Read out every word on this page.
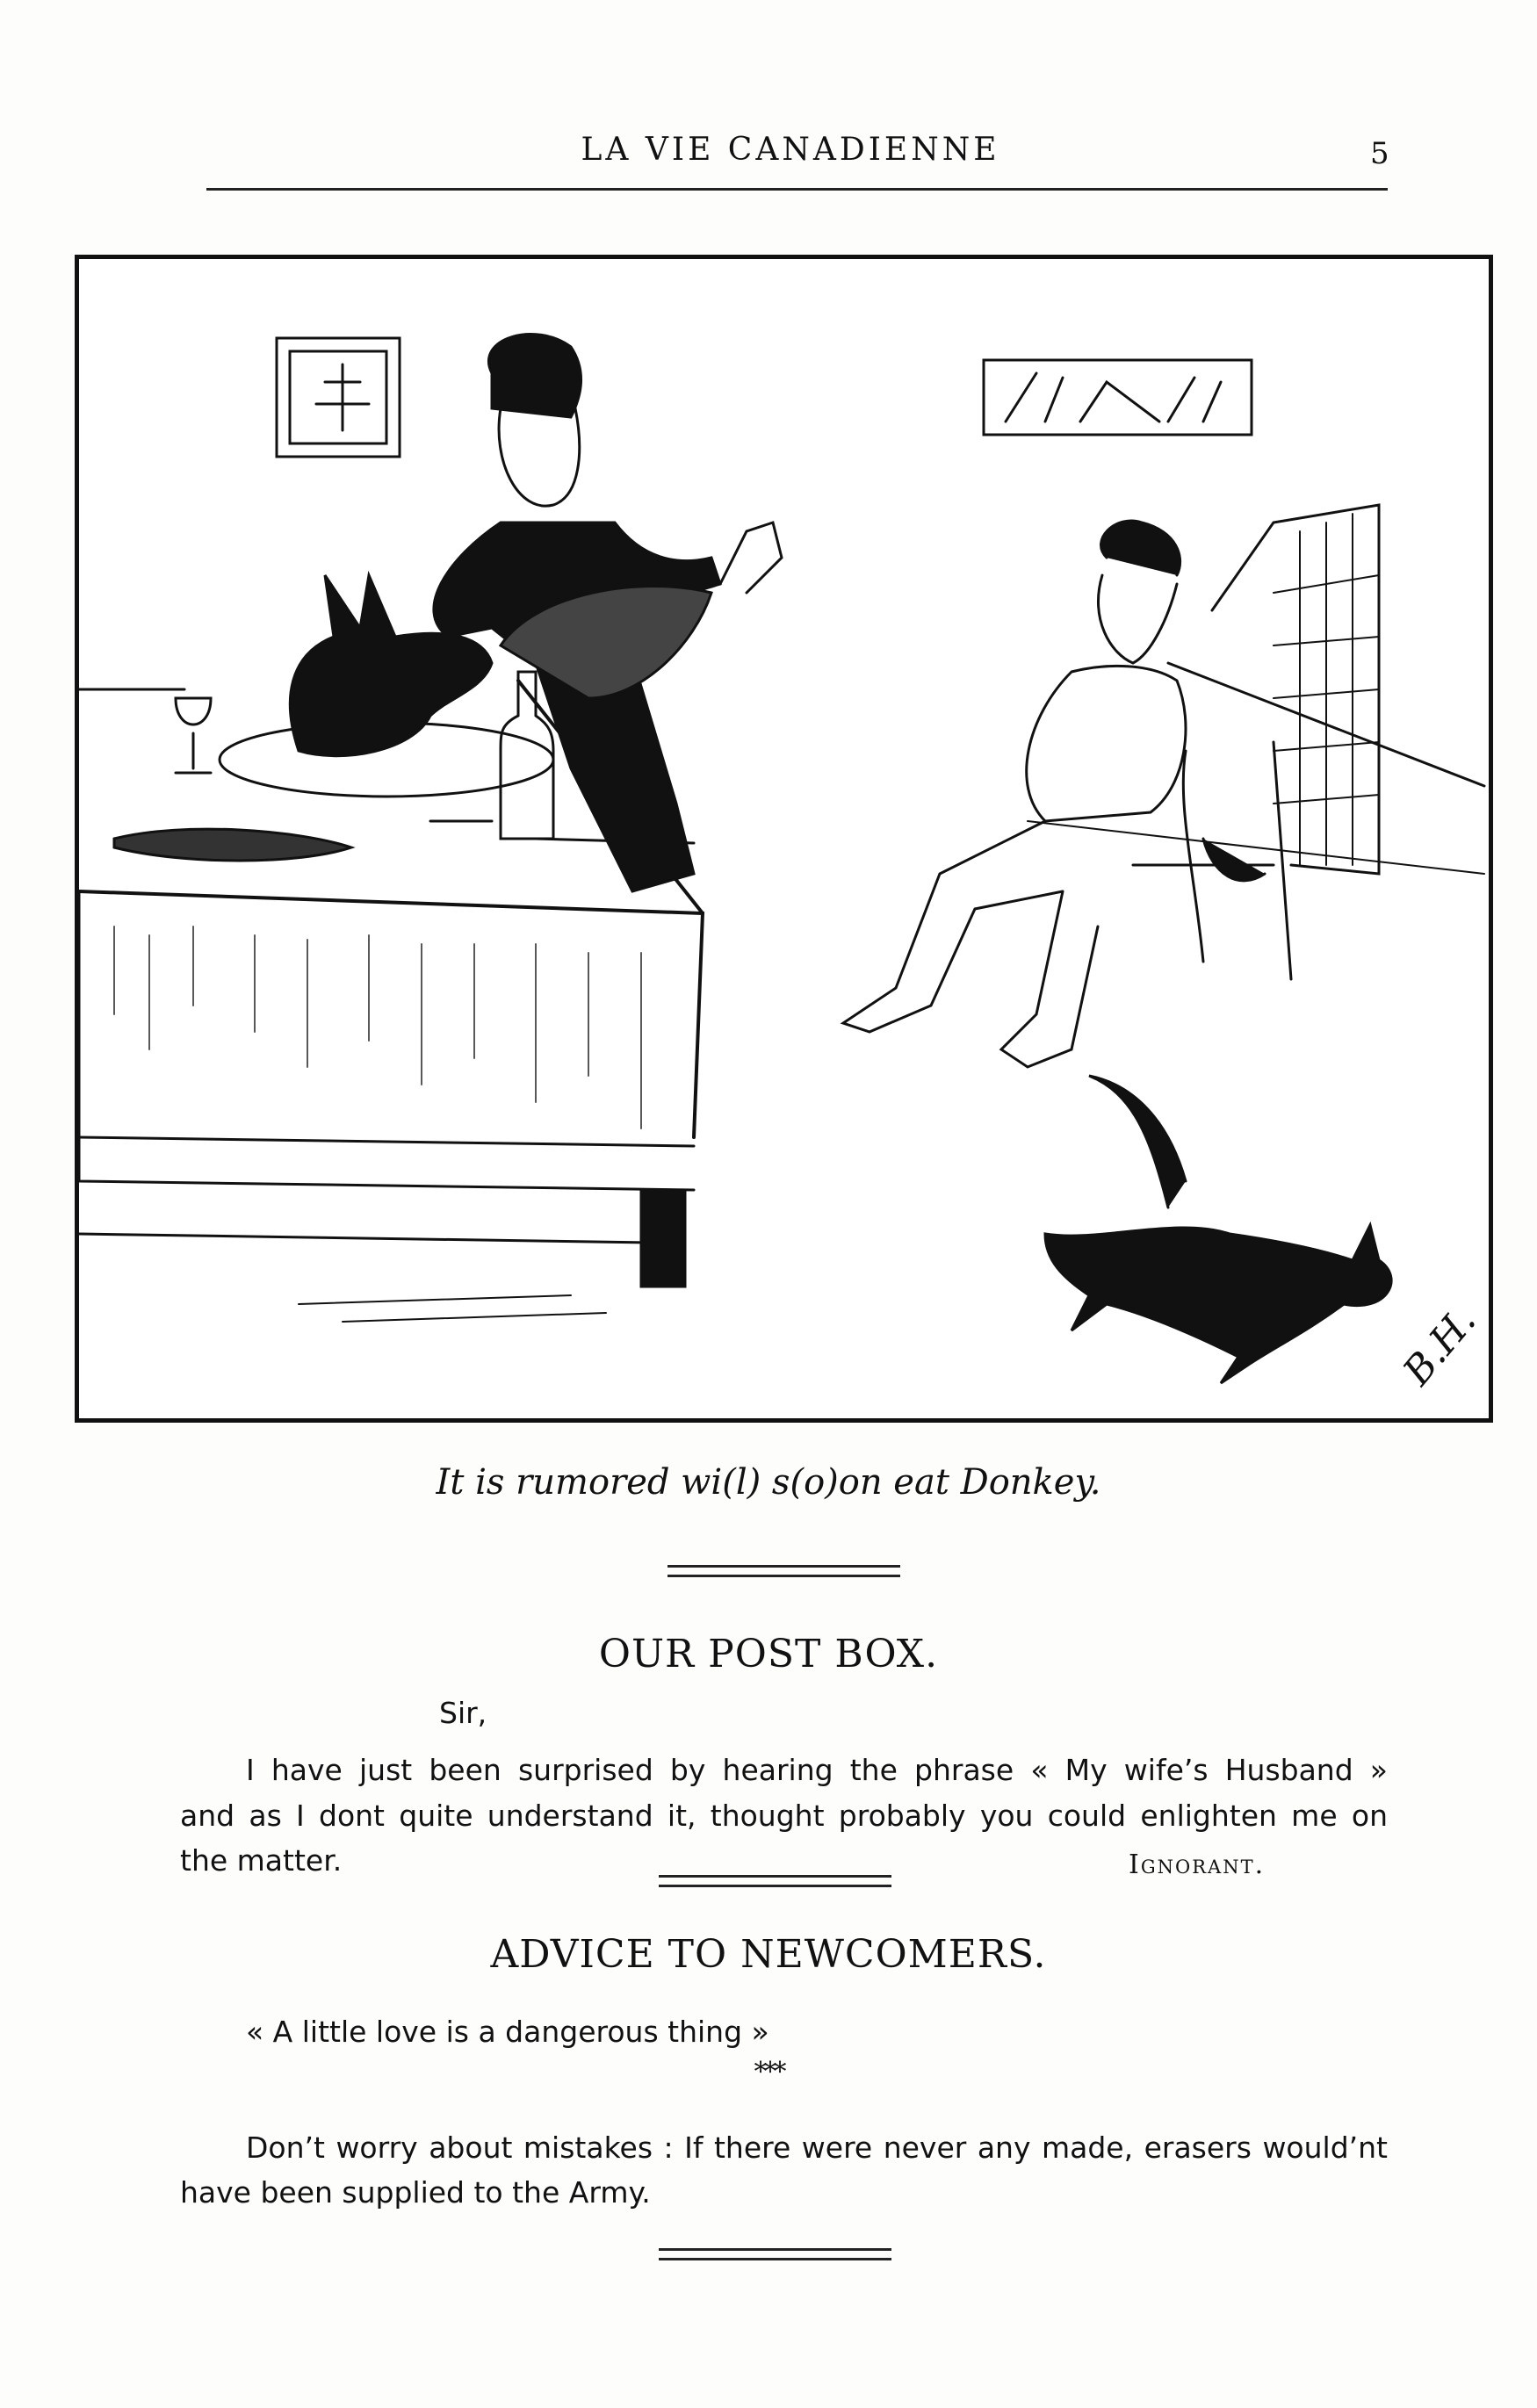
LA VIE CANADIENNE	5
B.H.
It is rumored wi(l) s(o)on eat Donkey.
OUR POST BOX.
Sir,
I have just been surprised by hearing the phrase « My wife’s Husband »
and as I dont quite understand it, thought probably you could enlighten me on
the matter.	Ignorant.
ADVICE TO NEWCOMERS.
« A little love is a dangerous thing »
***
Don’t worry about mistakes : If there were never any made, erasers would’nt
have been supplied to the Army.
